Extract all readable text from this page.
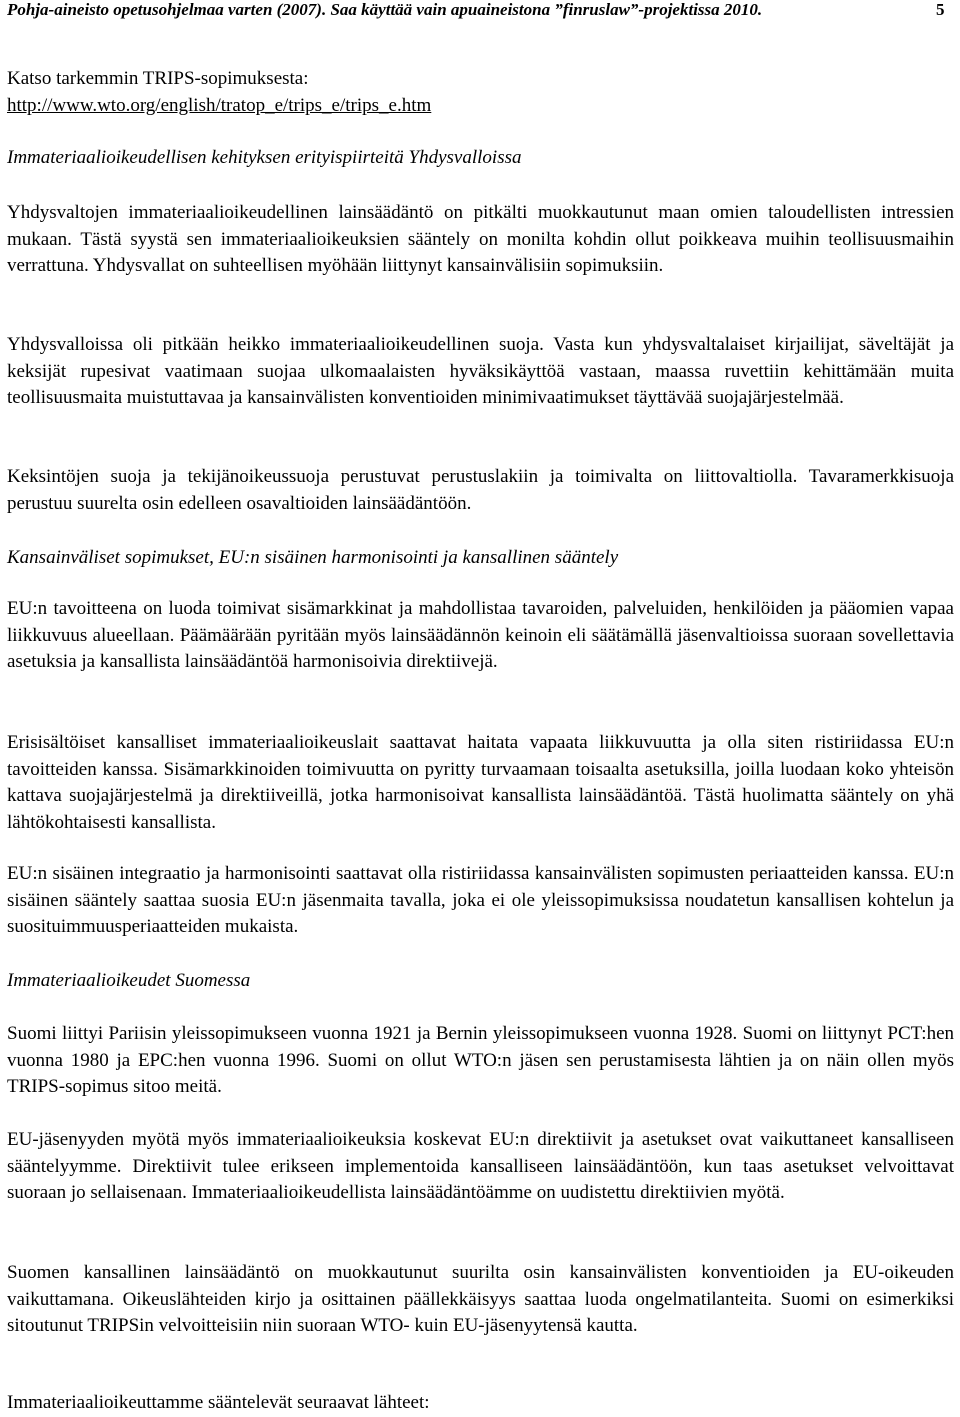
Pohja-aineisto opetusohjelmaa varten (2007). Saa käyttää vain apuaineistona ”finruslaw”-projektissa 2010.	5

Katso tarkemmin TRIPS-sopimuksesta:

http://www.wto.org/english/tratop_e/trips_e/trips_e.htm

Immateriaalioikeudellisen kehityksen erityispiirteitä Yhdysvalloissa

Yhdysvaltojen immateriaalioikeudellinen lainsäädäntö on pitkälti muokkautunut maan omien taloudellisten intressien mukaan. Tästä syystä sen immateriaalioikeuksien sääntely on monilta kohdin ollut poikkeava muihin teollisuusmaihin verrattuna. Yhdysvallat on suhteellisen myöhään liittynyt kansainvälisiin sopimuksiin.

Yhdysvalloissa oli pitkään heikko immateriaalioikeudellinen suoja. Vasta kun yhdysvaltalaiset kirjailijat, säveltäjät ja keksijät rupesivat vaatimaan suojaa ulkomaalaisten hyväksikäyttöä vastaan, maassa ruvettiin kehittämään muita teollisuusmaita muistuttavaa ja kansainvälisten konventioiden minimivaatimukset täyttävää suojajärjestelmää.

Keksintöjen suoja ja tekijänoikeussuoja perustuvat perustuslakiin ja toimivalta on liittovaltiolla. Tavaramerkkisuoja perustuu suurelta osin edelleen osavaltioiden lainsäädäntöön.

Kansainväliset sopimukset, EU:n sisäinen harmonisointi ja kansallinen sääntely

EU:n tavoitteena on luoda toimivat sisämarkkinat ja mahdollistaa tavaroiden, palveluiden, henkilöiden ja pääomien vapaa liikkuvuus alueellaan. Päämäärään pyritään myös lainsäädännön keinoin eli säätämällä jäsenvaltioissa suoraan sovellettavia asetuksia ja kansallista lainsäädäntöä harmonisoivia direktiivejä.

Erisisältöiset kansalliset immateriaalioikeuslait saattavat haitata vapaata liikkuvuutta ja olla siten ristiriidassa EU:n tavoitteiden kanssa. Sisämarkkinoiden toimivuutta on pyritty turvaamaan toisaalta asetuksilla, joilla luodaan koko yhteisön kattava suojajärjestelmä ja direktiiveillä, jotka harmonisoivat kansallista lainsäädäntöä. Tästä huolimatta sääntely on yhä lähtökohtaisesti kansallista.

EU:n sisäinen integraatio ja harmonisointi saattavat olla ristiriidassa kansainvälisten sopimusten periaatteiden kanssa. EU:n sisäinen sääntely saattaa suosia EU:n jäsenmaita tavalla, joka ei ole yleissopimuksissa noudatetun kansallisen kohtelun ja suosituimmuusperiaatteiden mukaista.

Immateriaalioikeudet Suomessa

Suomi liittyi Pariisin yleissopimukseen vuonna 1921 ja Bernin yleissopimukseen vuonna 1928. Suomi on liittynyt PCT:hen vuonna 1980 ja EPC:hen vuonna 1996. Suomi on ollut WTO:n jäsen sen perustamisesta lähtien ja on näin ollen myös TRIPS-sopimus sitoo meitä.

EU-jäsenyyden myötä myös immateriaalioikeuksia koskevat EU:n direktiivit ja asetukset ovat vaikuttaneet kansalliseen sääntelyymme. Direktiivit tulee erikseen implementoida kansalliseen lainsäädäntöön, kun taas asetukset velvoittavat suoraan jo sellaisenaan. Immateriaalioikeudellista lainsäädäntöämme on uudistettu direktiivien myötä.

Suomen kansallinen lainsäädäntö on muokkautunut suurilta osin kansainvälisten konventioiden ja EU-oikeuden vaikuttamana. Oikeuslähteiden kirjo ja osittainen päällekkäisyys saattaa luoda ongelmatilanteita. Suomi on esimerkiksi sitoutunut TRIPSin velvoitteisiin niin suoraan WTO- kuin EU-jäsenyytensä kautta.

Immateriaalioikeuttamme sääntelevät seuraavat lähteet:
